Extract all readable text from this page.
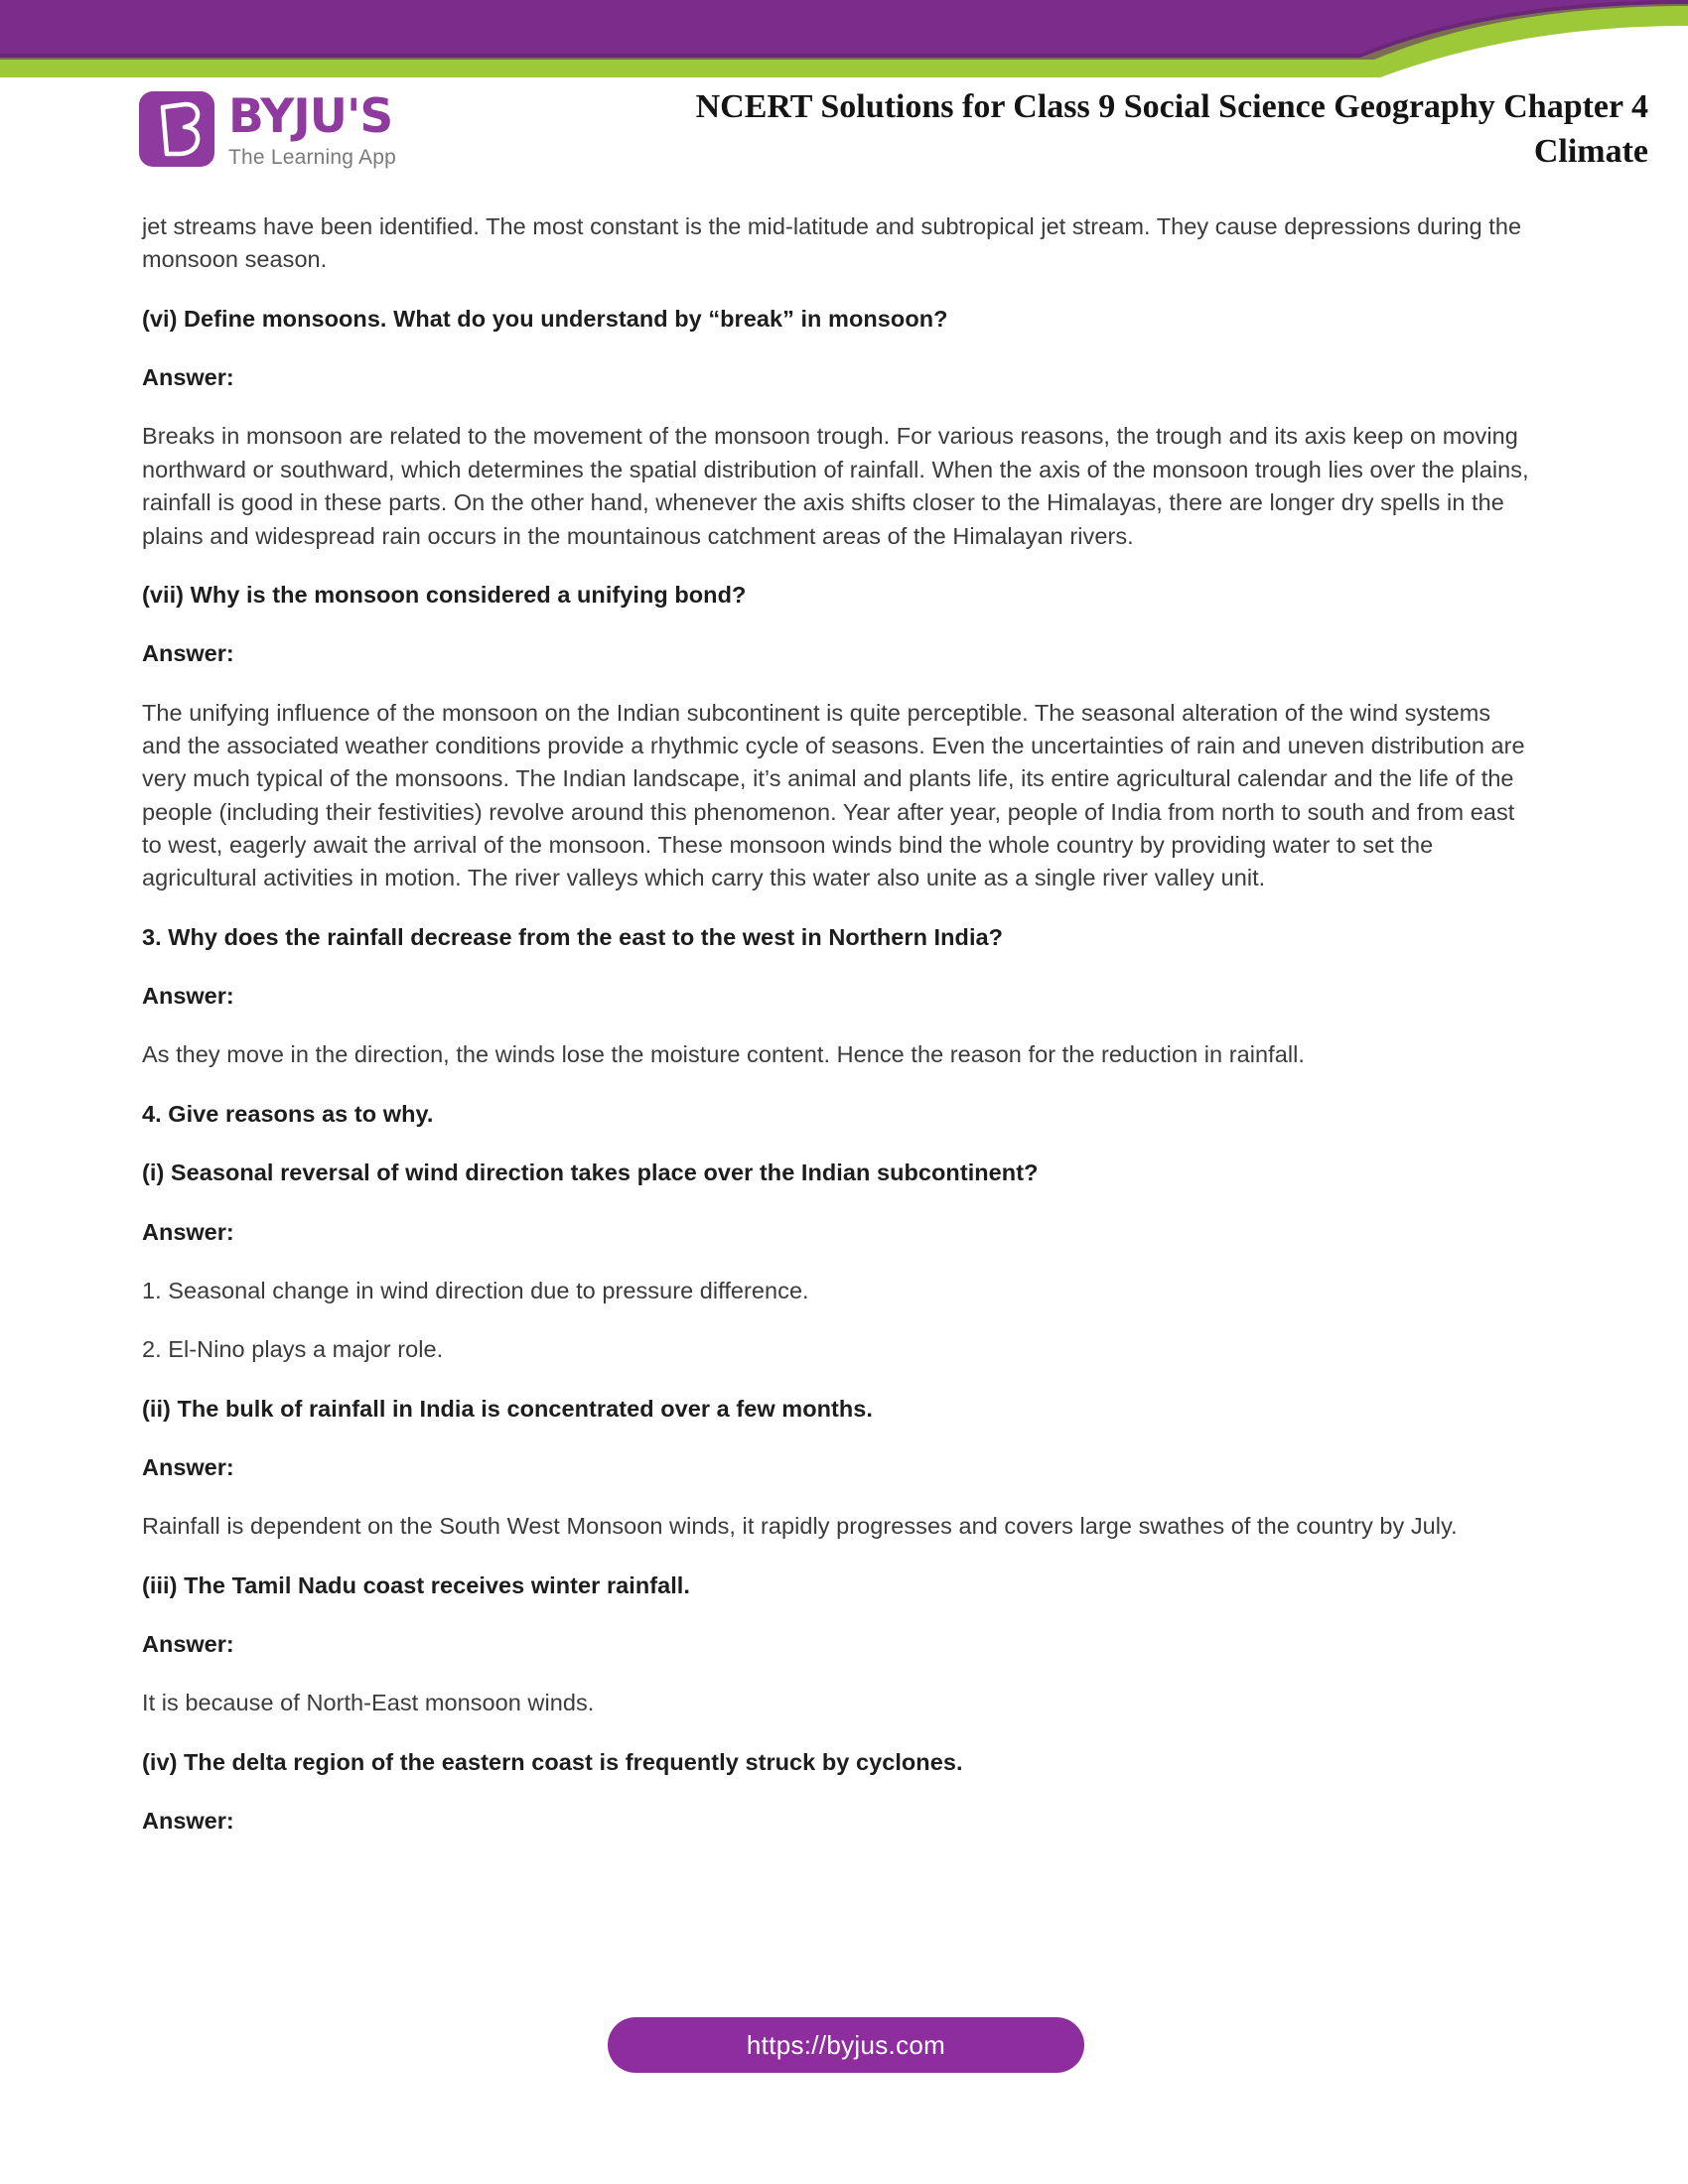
BYJU'S
The Learning App
NCERT Solutions for Class 9 Social Science Geography Chapter 4
Climate

jet streams have been identified. The most constant is the mid-latitude and subtropical jet stream. They cause depressions during the monsoon season.

(vi) Define monsoons. What do you understand by “break” in monsoon?

Answer:

Breaks in monsoon are related to the movement of the monsoon trough. For various reasons, the trough and its axis keep on moving northward or southward, which determines the spatial distribution of rainfall. When the axis of the monsoon trough lies over the plains, rainfall is good in these parts. On the other hand, whenever the axis shifts closer to the Himalayas, there are longer dry spells in the plains and widespread rain occurs in the mountainous catchment areas of the Himalayan rivers.

(vii) Why is the monsoon considered a unifying bond?

Answer:

The unifying influence of the monsoon on the Indian subcontinent is quite perceptible. The seasonal alteration of the wind systems and the associated weather conditions provide a rhythmic cycle of seasons. Even the uncertainties of rain and uneven distribution are very much typical of the monsoons. The Indian landscape, it’s animal and plants life, its entire agricultural calendar and the life of the people (including their festivities) revolve around this phenomenon. Year after year, people of India from north to south and from east to west, eagerly await the arrival of the monsoon. These monsoon winds bind the whole country by providing water to set the agricultural activities in motion. The river valleys which carry this water also unite as a single river valley unit.

3. Why does the rainfall decrease from the east to the west in Northern India?

Answer:

As they move in the direction, the winds lose the moisture content. Hence the reason for the reduction in rainfall.

4. Give reasons as to why.

(i) Seasonal reversal of wind direction takes place over the Indian subcontinent?

Answer:

1. Seasonal change in wind direction due to pressure difference.

2. El-Nino plays a major role.

(ii) The bulk of rainfall in India is concentrated over a few months.

Answer:

Rainfall is dependent on the South West Monsoon winds, it rapidly progresses and covers large swathes of the country by July.

(iii) The Tamil Nadu coast receives winter rainfall.

Answer:

It is because of North-East monsoon winds.

(iv) The delta region of the eastern coast is frequently struck by cyclones.

Answer:

https://byjus.com
